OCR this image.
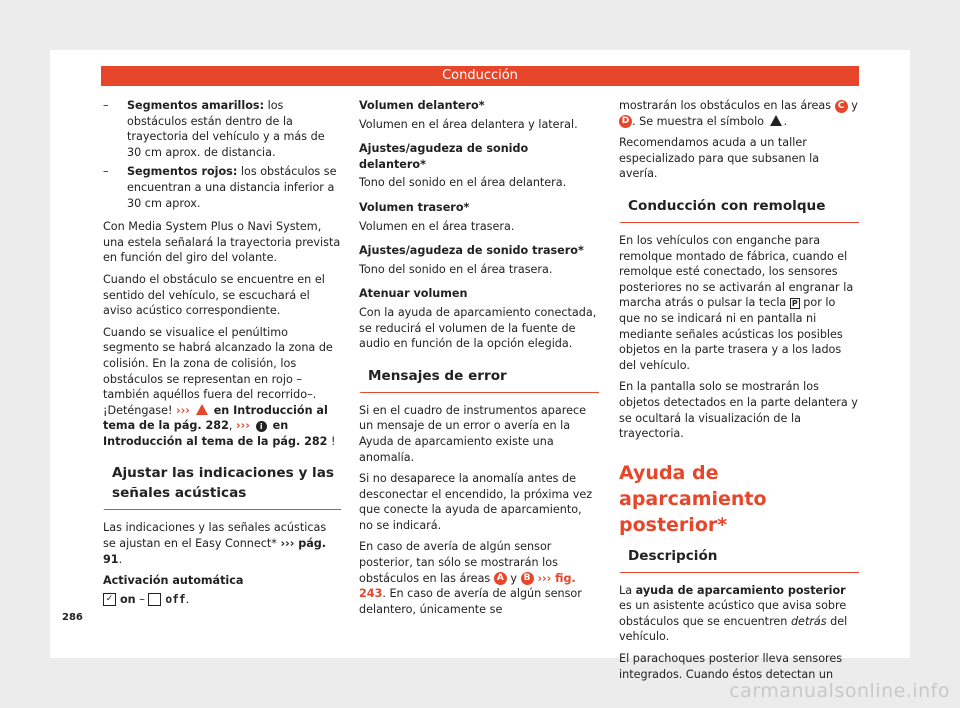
Conducción
– Segmentos amarillos: los obstáculos están dentro de la trayectoria del vehículo y a más de 30 cm aprox. de distancia.
– Segmentos rojos: los obstáculos se encuentran a una distancia inferior a 30 cm aprox.

Con Media System Plus o Navi System, una estela señalará la trayectoria prevista en función del giro del volante.

Cuando el obstáculo se encuentre en el sentido del vehículo, se escuchará el aviso acústico correspondiente.

Cuando se visualice el penúltimo segmento se habrá alcanzado la zona de colisión. En la zona de colisión, los obstáculos se representan en rojo –también aquéllos fuera del recorrido–. ¡Deténgase! ›››  en Introducción al tema de la pág. 282, ››› i en Introducción al tema de la pág. 282 !

Ajustar las indicaciones y las señales acústicas

Las indicaciones y las señales acústicas se ajustan en el Easy Connect* ››› pág. 91.

Activación automática

✓ on – off.

Volumen delantero*

Volumen en el área delantera y lateral.

Ajustes/agudeza de sonido delantero*

Tono del sonido en el área delantera.

Volumen trasero*

Volumen en el área trasera.

Ajustes/agudeza de sonido trasero*

Tono del sonido en el área trasera.

Atenuar volumen

Con la ayuda de aparcamiento conectada, se reducirá el volumen de la fuente de audio en función de la opción elegida.

Mensajes de error

Si en el cuadro de instrumentos aparece un mensaje de un error o avería en la Ayuda de aparcamiento existe una anomalía.

Si no desaparece la anomalía antes de desconectar el encendido, la próxima vez que conecte la ayuda de aparcamiento, no se indicará.

En caso de avería de algún sensor posterior, tan sólo se mostrarán los obstáculos en las áreas A y B ››› fig. 243. En caso de avería de algún sensor delantero, únicamente se

mostrarán los obstáculos en las áreas C y D . Se muestra el símbolo .

Recomendamos acuda a un taller especializado para que subsanen la avería.

Conducción con remolque

En los vehículos con enganche para remolque montado de fábrica, cuando el remolque esté conectado, los sensores posteriores no se activarán al engranar la marcha atrás o pulsar la tecla P por lo que no se indicará ni en pantalla ni mediante señales acústicas los posibles objetos en la parte trasera y a los lados del vehículo.

En la pantalla solo se mostrarán los objetos detectados en la parte delantera y se ocultará la visualización de la trayectoria.

Ayuda de aparcamiento posterior*
Descripción

La ayuda de aparcamiento posterior es un asistente acústico que avisa sobre obstáculos que se encuentren detrás del vehículo.

El parachoques posterior lleva sensores integrados. Cuando éstos detectan un

286
carmanualsonline.info
